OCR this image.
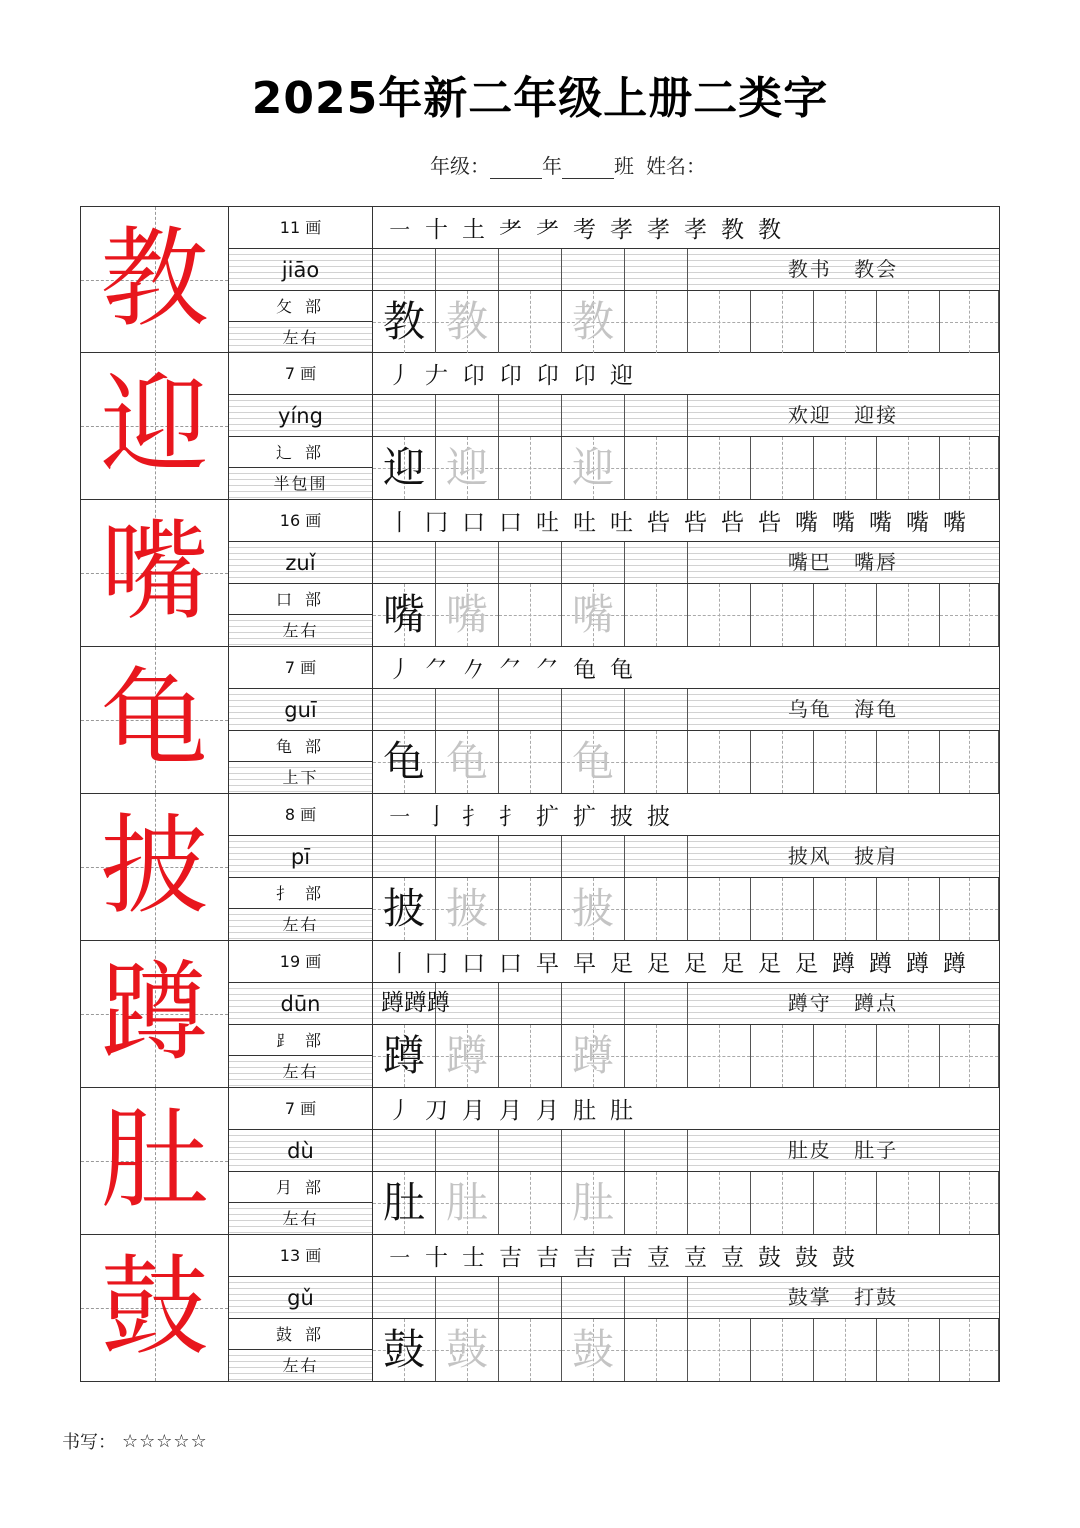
2025年新二年级上册二类字
年级：	年	班 姓名：
教	11 画
jiāo
攵 部
左右
㇐ 十 土 耂 耂 考 孝 孝 孝 教 教
教书 教会
教 教 教
迎	7 画
yíng
辶 部
半包围
丿 𠂇 卬 卬 卬 卬 迎
欢迎 迎接
迎 迎 迎
嘴	16 画
zuǐ
口 部
左右
丨 冂 口 口 吐 吐 吐 呰 呰 呰 呰 嘴 嘴 嘴 嘴 嘴
嘴巴 嘴唇
嘴 嘴 嘴
龟	7 画
guī
龟 部
上下
丿 ⺈ 𠂊 ⺈ ⺈ 龟 龟
乌龟 海龟
龟 龟 龟
披	8 画
pī
扌 部
左右
㇐ 亅 扌 扌 扩 扩 披 披
披风 披肩
披 披 披
蹲	19 画
dūn
⻊ 部
左右
丨 冂 口 口 早 早 足 足 足 足 足 足 蹲 蹲 蹲 蹲
蹲蹲蹲	蹲守 蹲点
蹲 蹲 蹲
肚	7 画
dù
月 部
左右
丿 刀 月 月 月 肚 肚
肚皮 肚子
肚 肚 肚
鼓	13 画
gǔ
鼓 部
左右
㇐ 十 士 吉 吉 吉 吉 壴 壴 壴 鼓 鼓 鼓
鼓掌 打鼓
鼓 鼓 鼓
书写： ☆☆☆☆☆
